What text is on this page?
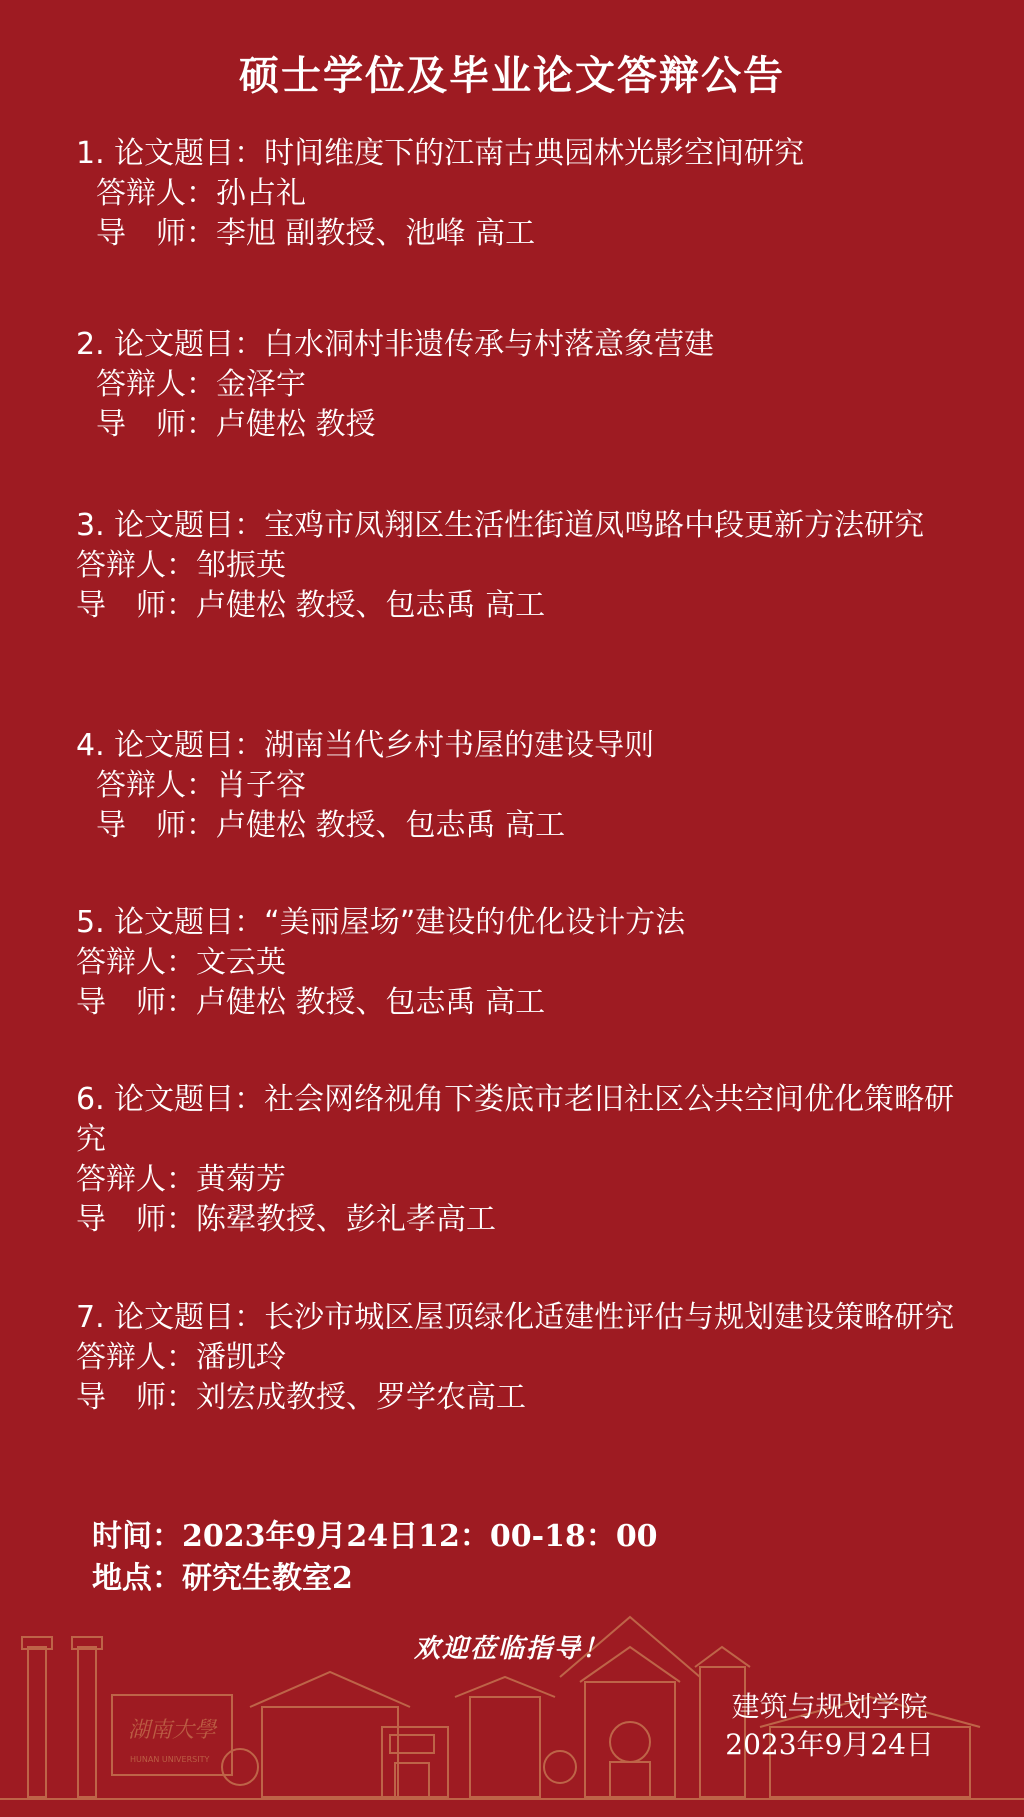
硕士学位及毕业论文答辩公告
1. 论文题目：时间维度下的江南古典园林光影空间研究
答辩人：孙占礼
导　师：李旭 副教授、池峰 高工
2. 论文题目：白水洞村非遗传承与村落意象营建
答辩人：金泽宇
导　师：卢健松 教授
3. 论文题目：宝鸡市凤翔区生活性街道凤鸣路中段更新方法研究
答辩人：邹振英
导　师：卢健松 教授、包志禹 高工
4. 论文题目：湖南当代乡村书屋的建设导则
答辩人：肖子容
导　师：卢健松 教授、包志禹 高工
5. 论文题目：“美丽屋场”建设的优化设计方法
答辩人：文云英
导　师：卢健松 教授、包志禹 高工
6. 论文题目：社会网络视角下娄底市老旧社区公共空间优化策略研究
答辩人：黄菊芳
导　师：陈翚教授、彭礼孝高工
7. 论文题目：长沙市城区屋顶绿化适建性评估与规划建设策略研究
答辩人：潘凯玲
导　师：刘宏成教授、罗学农高工
时间：2023年9月24日12：00-18：00
地点：研究生教室2
湖南大學
HUNAN UNIVERSITY
欢迎莅临指导！
建筑与规划学院
2023年9月24日
